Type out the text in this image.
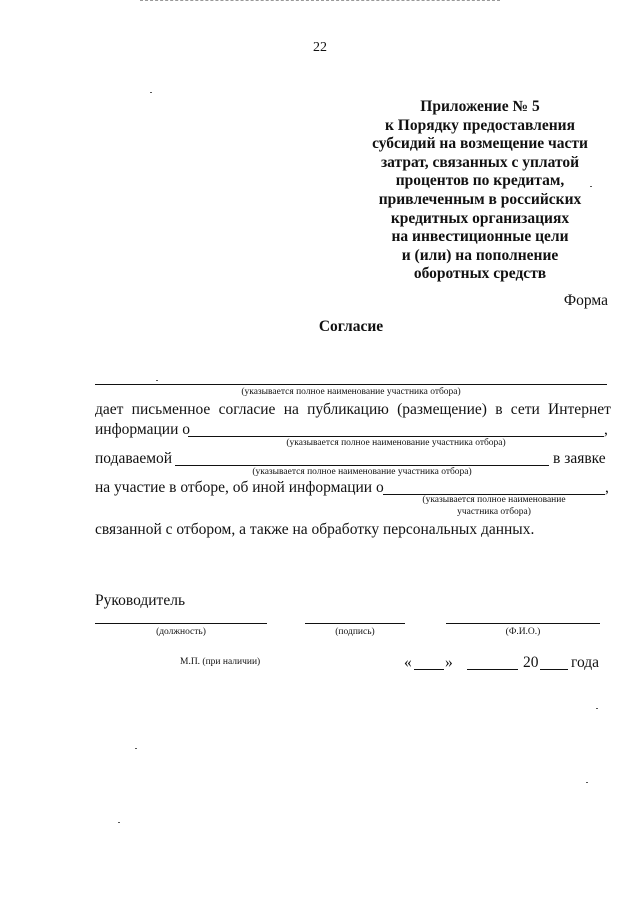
22
Приложение № 5
к Порядку предоставления
субсидий на возмещение части
затрат, связанных с уплатой
процентов по кредитам,
привлеченным в российских
кредитных организациях
на инвестиционные цели
и (или) на пополнение
оборотных средств
Форма
Согласие
(указывается полное наименование участника отбора)
дает письменное согласие на публикацию (размещение) в сети Интернет
информации о	,
(указывается полное наименование участника отбора)
подаваемой	в заявке
(указывается полное наименование участника отбора)
на участие в отборе, об иной информации о	,
(указывается полное наименование
участника отбора)
связанной с отбором, а также на обработку персональных данных.
Руководитель
(должность)	(подпись)	(Ф.И.О.)
М.П. (при наличии)	« »	20 года
